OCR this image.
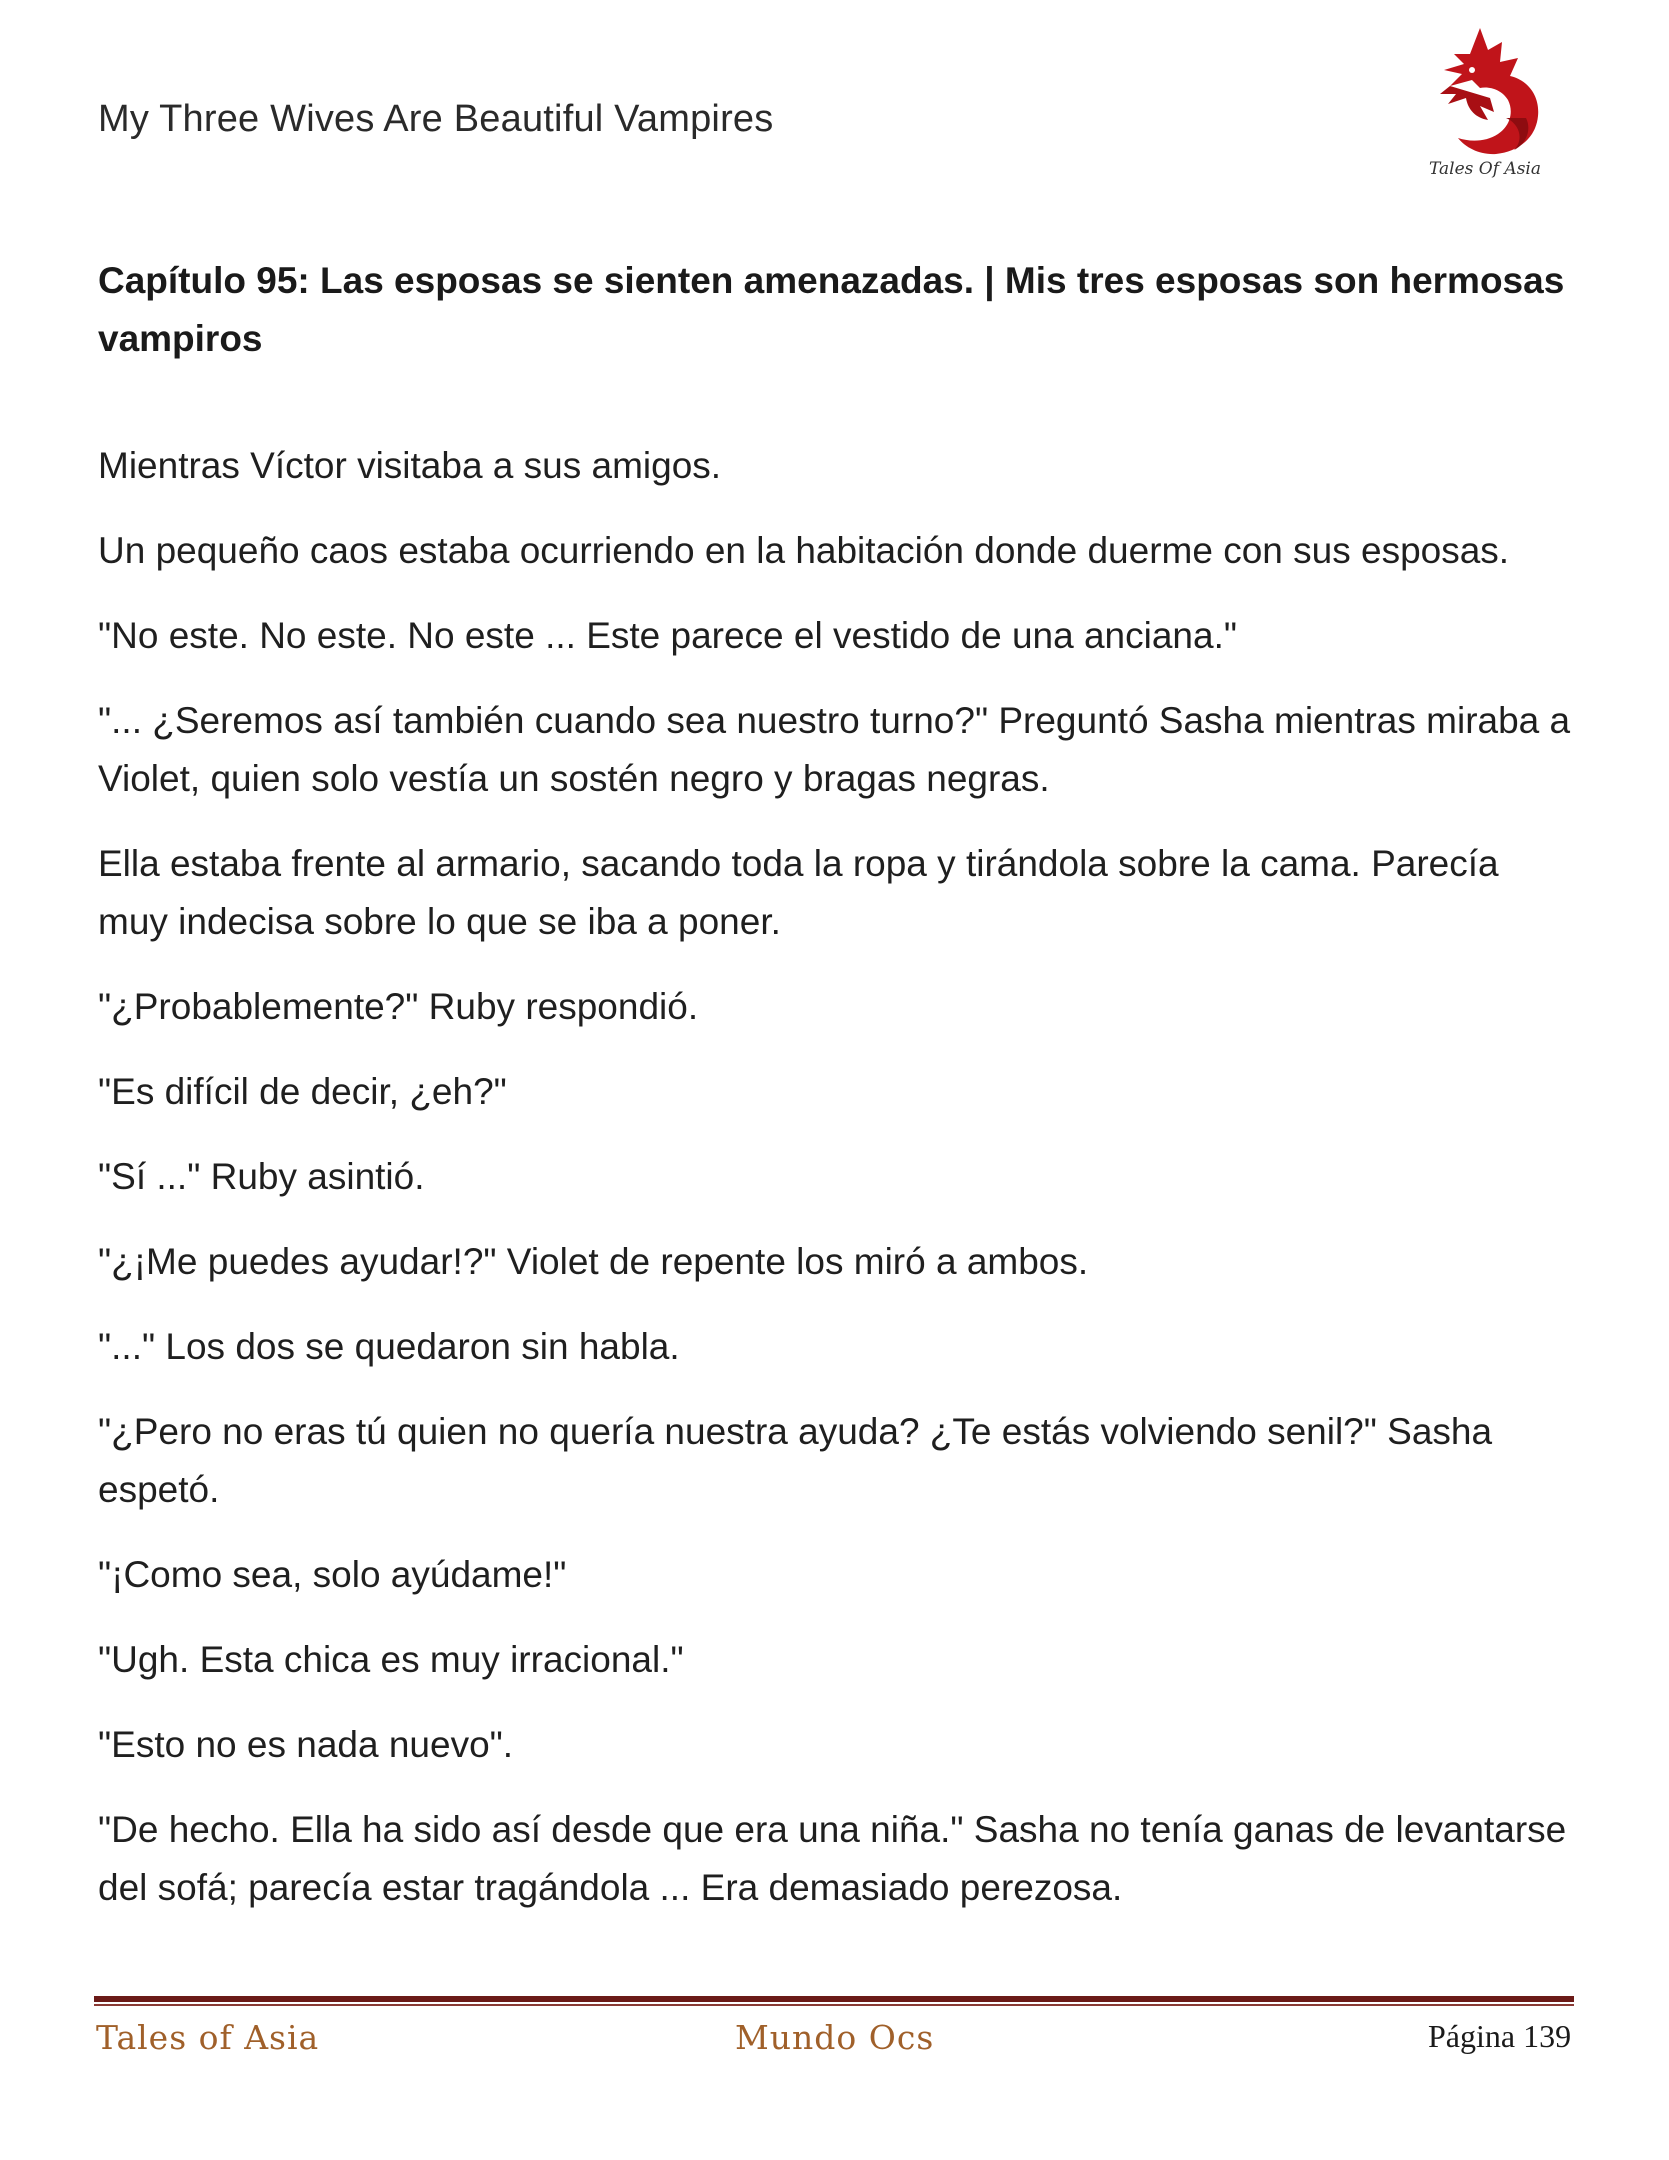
My Three Wives Are Beautiful Vampires
Tales Of Asia
Capítulo 95: Las esposas se sienten amenazadas. | Mis tres esposas son hermosas vampiros

Mientras Víctor visitaba a sus amigos.

Un pequeño caos estaba ocurriendo en la habitación donde duerme con sus esposas.

"No este. No este. No este ... Este parece el vestido de una anciana."

"... ¿Seremos así también cuando sea nuestro turno?" Preguntó Sasha mientras miraba a Violet, quien solo vestía un sostén negro y bragas negras.

Ella estaba frente al armario, sacando toda la ropa y tirándola sobre la cama. Parecía muy indecisa sobre lo que se iba a poner.

"¿Probablemente?" Ruby respondió.

"Es difícil de decir, ¿eh?"

"Sí ..." Ruby asintió.

"¿¡Me puedes ayudar!?" Violet de repente los miró a ambos.

"..." Los dos se quedaron sin habla.

"¿Pero no eras tú quien no quería nuestra ayuda? ¿Te estás volviendo senil?" Sasha espetó.

"¡Como sea, solo ayúdame!"

"Ugh. Esta chica es muy irracional."

"Esto no es nada nuevo".

"De hecho. Ella ha sido así desde que era una niña." Sasha no tenía ganas de levantarse del sofá; parecía estar tragándola ... Era demasiado perezosa.

Tales of Asia	Mundo Ocs	Página 139
